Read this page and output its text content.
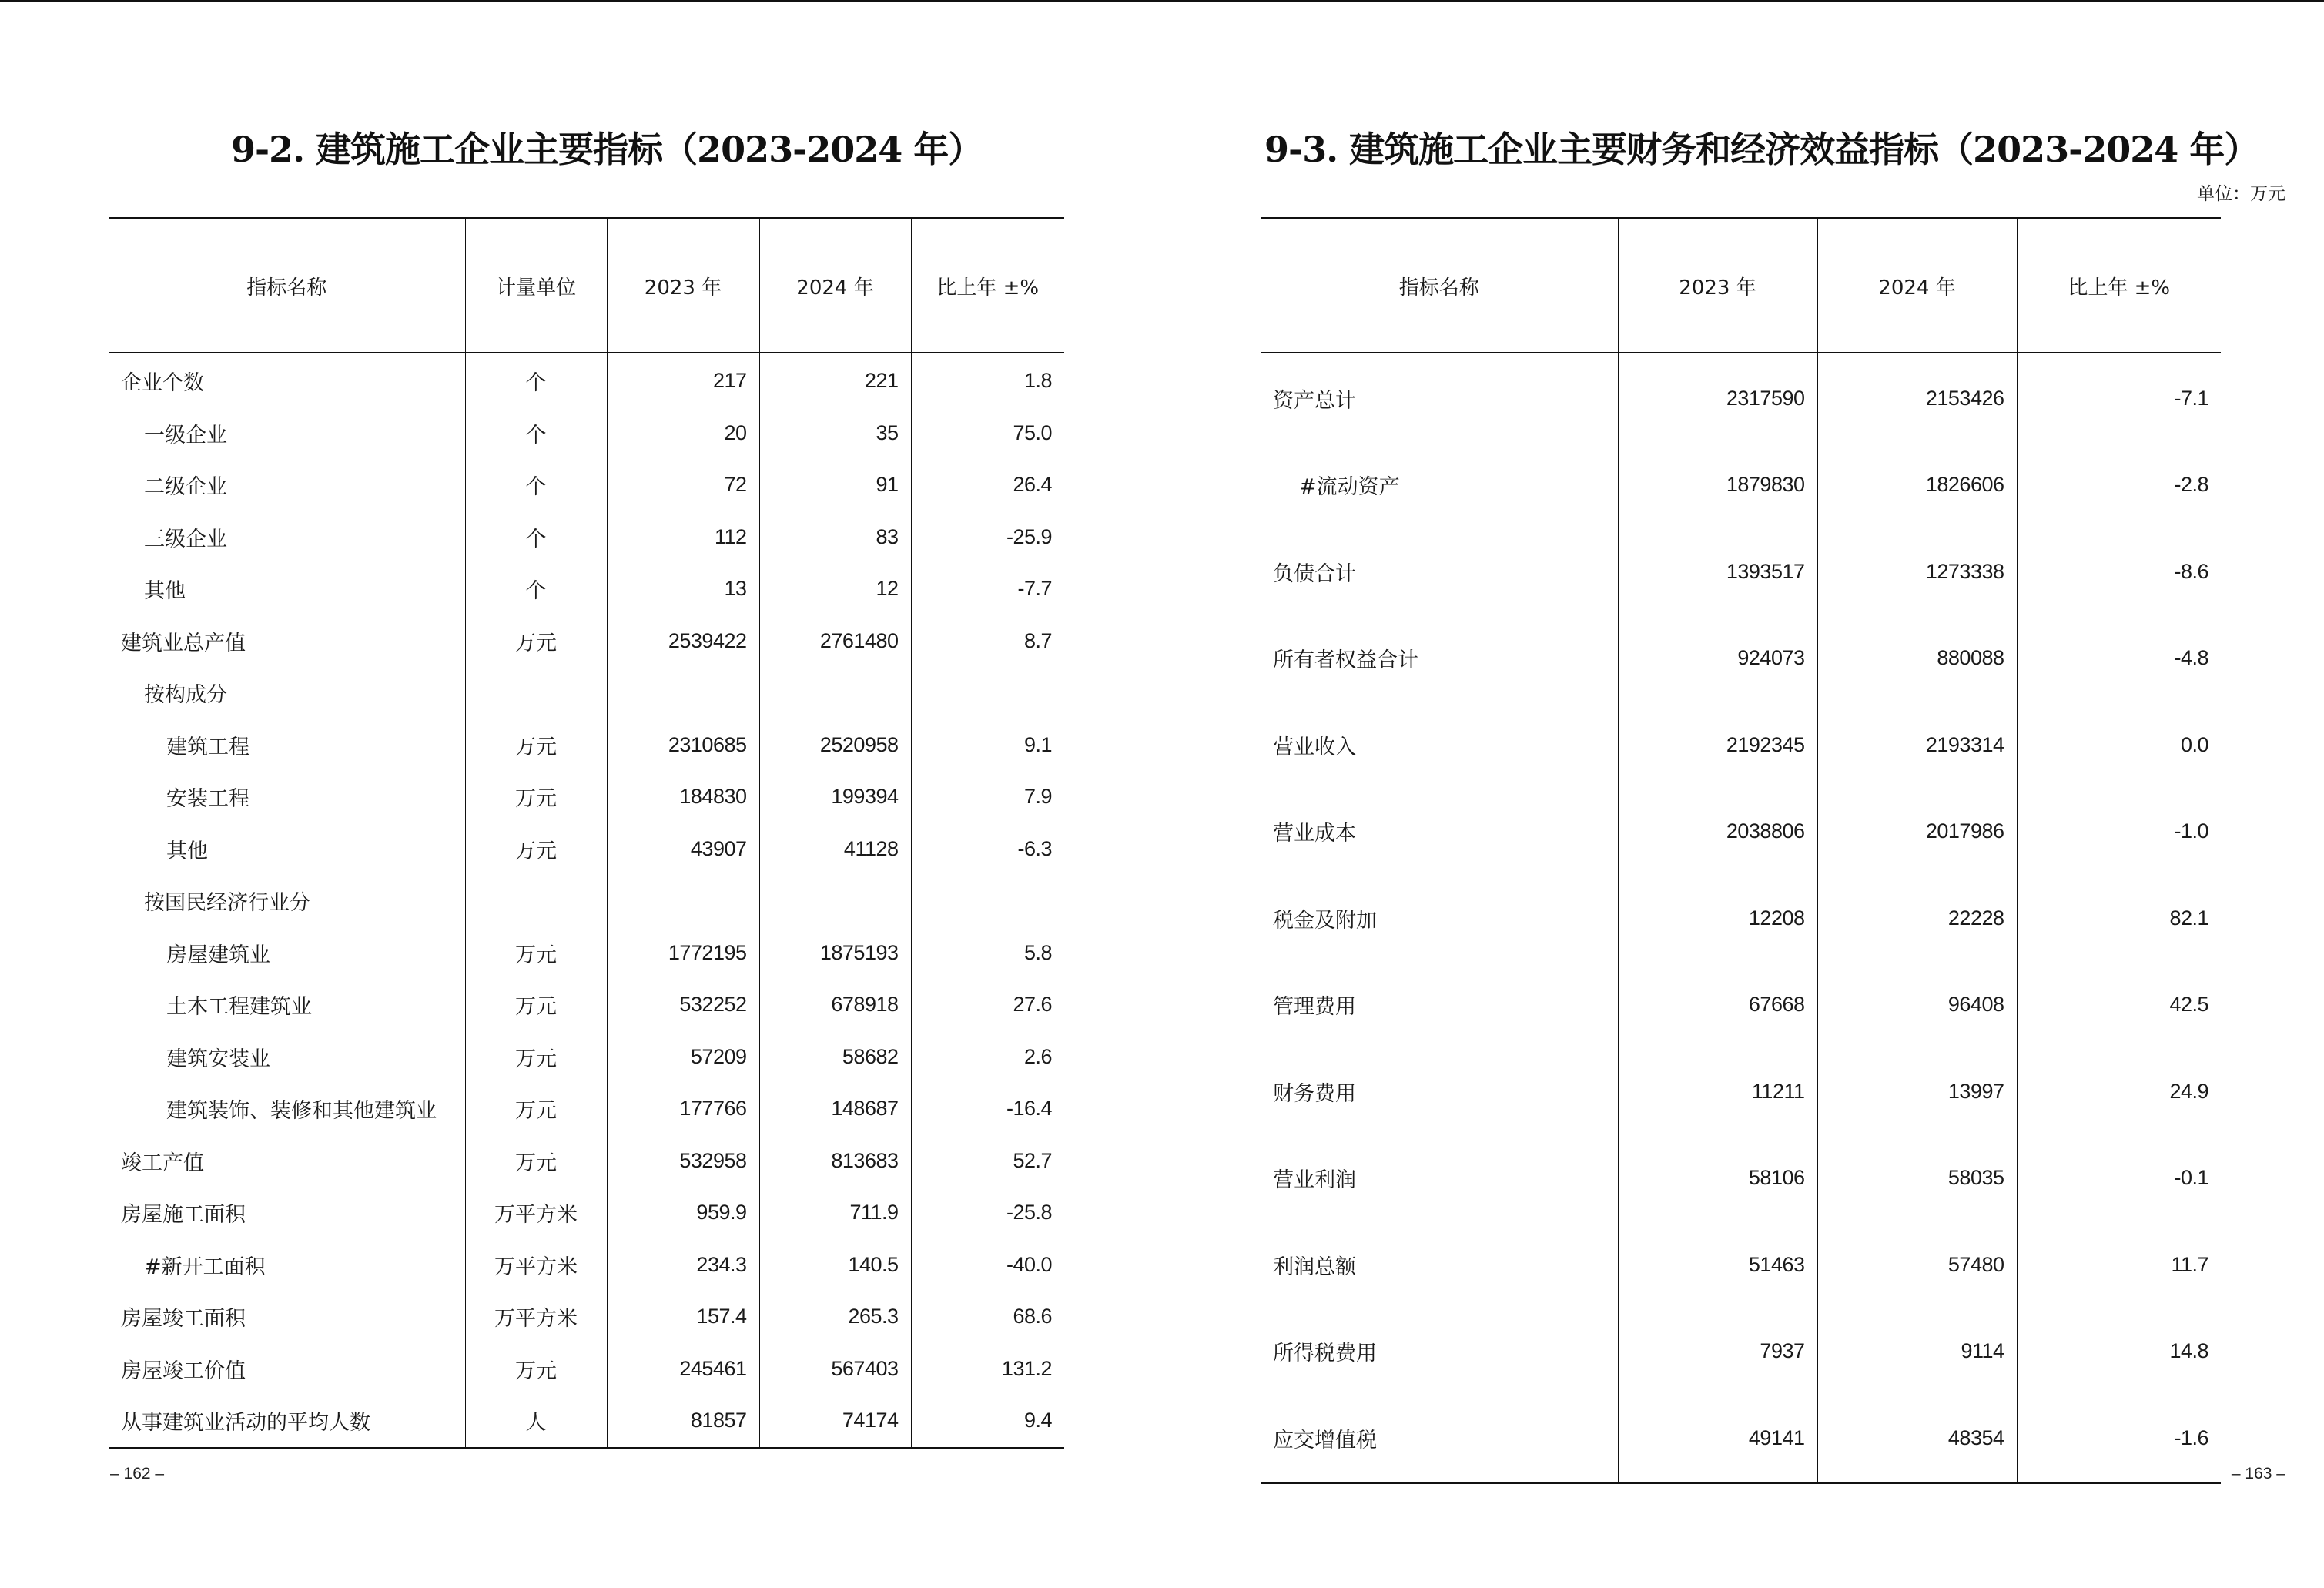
9-2. 建筑施工企业主要指标（2023-2024 年）
指标名称	计量单位	2023 年	2024 年	比上年 ±%
企业个数	个	217	221	1.8
一级企业	个	20	35	75.0
二级企业	个	72	91	26.4
三级企业	个	112	83	-25.9
其他	个	13	12	-7.7
建筑业总产值	万元	2539422	2761480	8.7
按构成分				
建筑工程	万元	2310685	2520958	9.1
安装工程	万元	184830	199394	7.9
其他	万元	43907	41128	-6.3
按国民经济行业分				
房屋建筑业	万元	1772195	1875193	5.8
土木工程建筑业	万元	532252	678918	27.6
建筑安装业	万元	57209	58682	2.6
建筑装饰、装修和其他建筑业	万元	177766	148687	-16.4
竣工产值	万元	532958	813683	52.7
房屋施工面积	万平方米	959.9	711.9	-25.8
#新开工面积	万平方米	234.3	140.5	-40.0
房屋竣工面积	万平方米	157.4	265.3	68.6
房屋竣工价值	万元	245461	567403	131.2
从事建筑业活动的平均人数	人	81857	74174	9.4
– 162 –
9-3. 建筑施工企业主要财务和经济效益指标（2023-2024 年）
单位：万元
指标名称	2023 年	2024 年	比上年 ±%
资产总计	2317590	2153426	-7.1
#流动资产	1879830	1826606	-2.8
负债合计	1393517	1273338	-8.6
所有者权益合计	924073	880088	-4.8
营业收入	2192345	2193314	0.0
营业成本	2038806	2017986	-1.0
税金及附加	12208	22228	82.1
管理费用	67668	96408	42.5
财务费用	11211	13997	24.9
营业利润	58106	58035	-0.1
利润总额	51463	57480	11.7
所得税费用	7937	9114	14.8
应交增值税	49141	48354	-1.6
– 163 –
